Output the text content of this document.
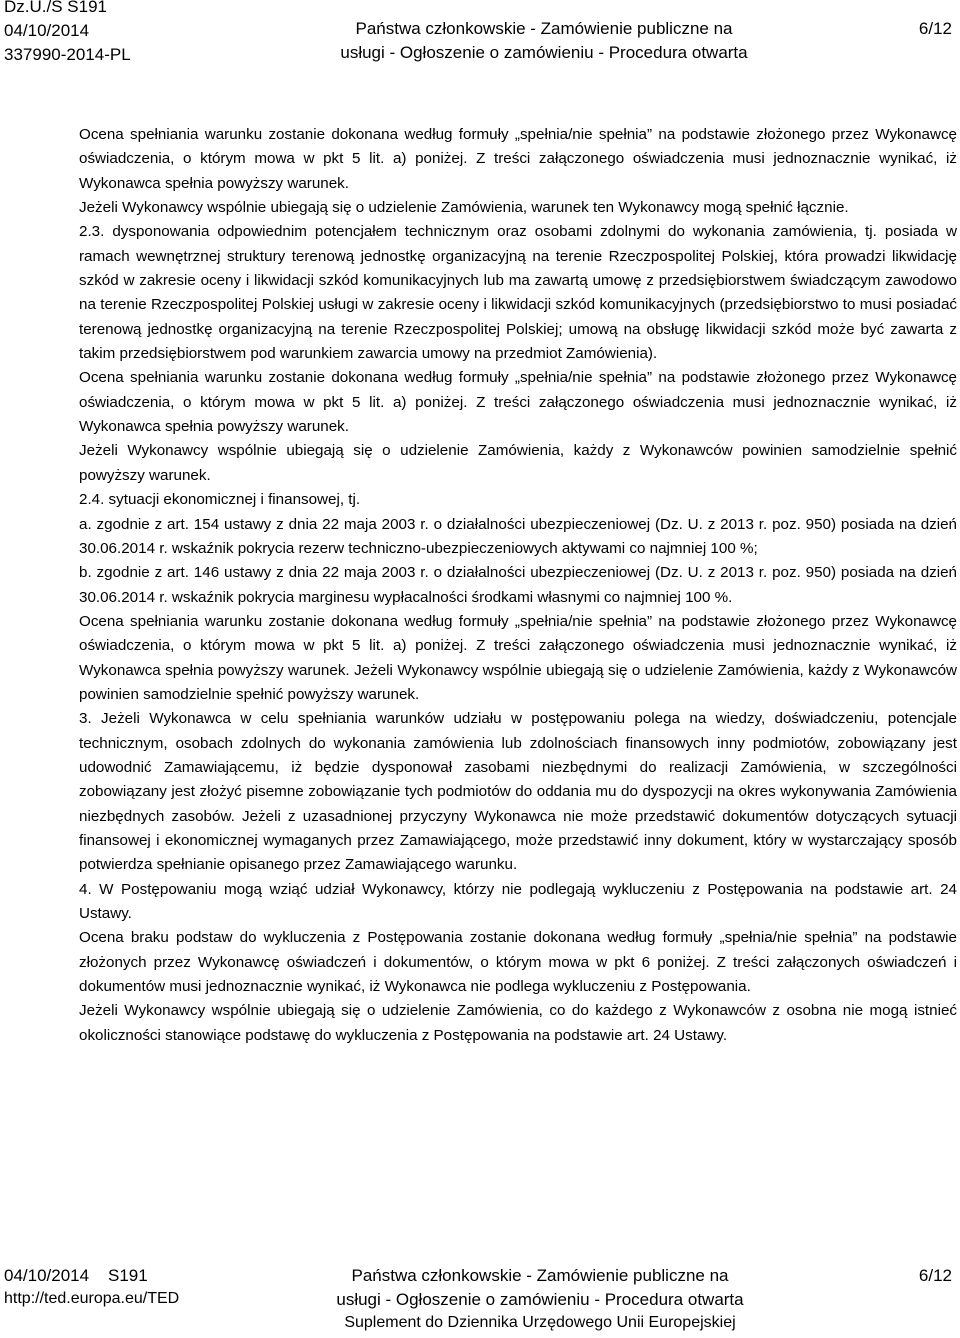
Dz.U./S S191
04/10/2014
337990-2014-PL
Państwa członkowskie - Zamówienie publiczne na
usługi - Ogłoszenie o zamówieniu - Procedura otwarta
6/12

Ocena spełniania warunku zostanie dokonana według formuły „spełnia/nie spełnia” na podstawie złożonego przez Wykonawcę oświadczenia, o którym mowa w pkt 5 lit. a) poniżej. Z treści załączonego oświadczenia musi jednoznacznie wynikać, iż Wykonawca spełnia powyższy warunek.

Jeżeli Wykonawcy wspólnie ubiegają się o udzielenie Zamówienia, warunek ten Wykonawcy mogą spełnić łącznie.

2.3. dysponowania odpowiednim potencjałem technicznym oraz osobami zdolnymi do wykonania zamówienia, tj. posiada w ramach wewnętrznej struktury terenową jednostkę organizacyjną na terenie Rzeczpospolitej Polskiej, która prowadzi likwidację szkód w zakresie oceny i likwidacji szkód komunikacyjnych lub ma zawartą umowę z przedsiębiorstwem świadczącym zawodowo na terenie Rzeczpospolitej Polskiej usługi w zakresie oceny i likwidacji szkód komunikacyjnych (przedsiębiorstwo to musi posiadać terenową jednostkę organizacyjną na terenie Rzeczpospolitej Polskiej; umową na obsługę likwidacji szkód może być zawarta z takim przedsiębiorstwem pod warunkiem zawarcia umowy na przedmiot Zamówienia).

Ocena spełniania warunku zostanie dokonana według formuły „spełnia/nie spełnia” na podstawie złożonego przez Wykonawcę oświadczenia, o którym mowa w pkt 5 lit. a) poniżej. Z treści załączonego oświadczenia musi jednoznacznie wynikać, iż Wykonawca spełnia powyższy warunek.

Jeżeli Wykonawcy wspólnie ubiegają się o udzielenie Zamówienia, każdy z Wykonawców powinien samodzielnie spełnić powyższy warunek.

2.4. sytuacji ekonomicznej i finansowej, tj.

a. zgodnie z art. 154 ustawy z dnia 22 maja 2003 r. o działalności ubezpieczeniowej (Dz. U. z 2013 r. poz. 950) posiada na dzień 30.06.2014 r. wskaźnik pokrycia rezerw techniczno-ubezpieczeniowych aktywami co najmniej 100 %;

b. zgodnie z art. 146 ustawy z dnia 22 maja 2003 r. o działalności ubezpieczeniowej (Dz. U. z 2013 r. poz. 950) posiada na dzień 30.06.2014 r. wskaźnik pokrycia marginesu wypłacalności środkami własnymi co najmniej 100 %.

Ocena spełniania warunku zostanie dokonana według formuły „spełnia/nie spełnia” na podstawie złożonego przez Wykonawcę oświadczenia, o którym mowa w pkt 5 lit. a) poniżej. Z treści załączonego oświadczenia musi jednoznacznie wynikać, iż Wykonawca spełnia powyższy warunek. Jeżeli Wykonawcy wspólnie ubiegają się o udzielenie Zamówienia, każdy z Wykonawców powinien samodzielnie spełnić powyższy warunek.

3. Jeżeli Wykonawca w celu spełniania warunków udziału w postępowaniu polega na wiedzy, doświadczeniu, potencjale technicznym, osobach zdolnych do wykonania zamówienia lub zdolnościach finansowych inny podmiotów, zobowiązany jest udowodnić Zamawiającemu, iż będzie dysponował zasobami niezbędnymi do realizacji Zamówienia, w szczególności zobowiązany jest złożyć pisemne zobowiązanie tych podmiotów do oddania mu do dyspozycji na okres wykonywania Zamówienia niezbędnych zasobów. Jeżeli z uzasadnionej przyczyny Wykonawca nie może przedstawić dokumentów dotyczących sytuacji finansowej i ekonomicznej wymaganych przez Zamawiającego, może przedstawić inny dokument, który w wystarczający sposób potwierdza spełnianie opisanego przez Zamawiającego warunku.

4. W Postępowaniu mogą wziąć udział Wykonawcy, którzy nie podlegają wykluczeniu z Postępowania na podstawie art. 24 Ustawy.

Ocena braku podstaw do wykluczenia z Postępowania zostanie dokonana według formuły „spełnia/nie spełnia” na podstawie złożonych przez Wykonawcę oświadczeń i dokumentów, o którym mowa w pkt 6 poniżej. Z treści załączonych oświadczeń i dokumentów musi jednoznacznie wynikać, iż Wykonawca nie podlega wykluczeniu z Postępowania.

Jeżeli Wykonawcy wspólnie ubiegają się o udzielenie Zamówienia, co do każdego z Wykonawców z osobna nie mogą istnieć okoliczności stanowiące podstawę do wykluczenia z Postępowania na podstawie art. 24 Ustawy.

04/10/2014    S191
http://ted.europa.eu/TED
Państwa członkowskie - Zamówienie publiczne na
usługi - Ogłoszenie o zamówieniu - Procedura otwarta
Suplement do Dziennika Urzędowego Unii Europejskiej
6/12
